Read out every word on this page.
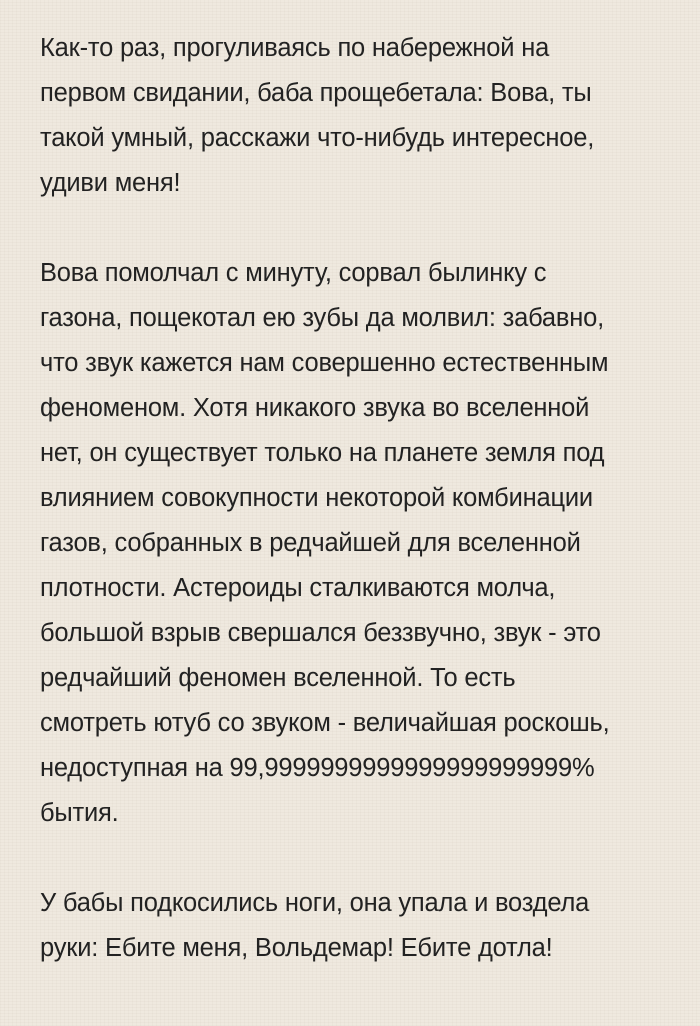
Как-то раз, прогуливаясь по набережной на
первом свидании, баба прощебетала: Вова, ты
такой умный, расскажи что-нибудь интересное,
удиви меня!

Вова помолчал с минуту, сорвал былинку с
газона, пощекотал ею зубы да молвил: забавно,
что звук кажется нам совершенно естественным
феноменом. Хотя никакого звука во вселенной
нет, он существует только на планете земля под
влиянием совокупности некоторой комбинации
газов, собранных в редчайшей для вселенной
плотности. Астероиды сталкиваются молча,
большой взрыв свершался беззвучно, звук - это
редчайший феномен вселенной. То есть
смотреть ютуб со звуком - величайшая роскошь,
недоступная на 99,9999999999999999999999%
бытия.

У бабы подкосились ноги, она упала и воздела
руки: Ебите меня, Вольдемар! Ебите дотла!
